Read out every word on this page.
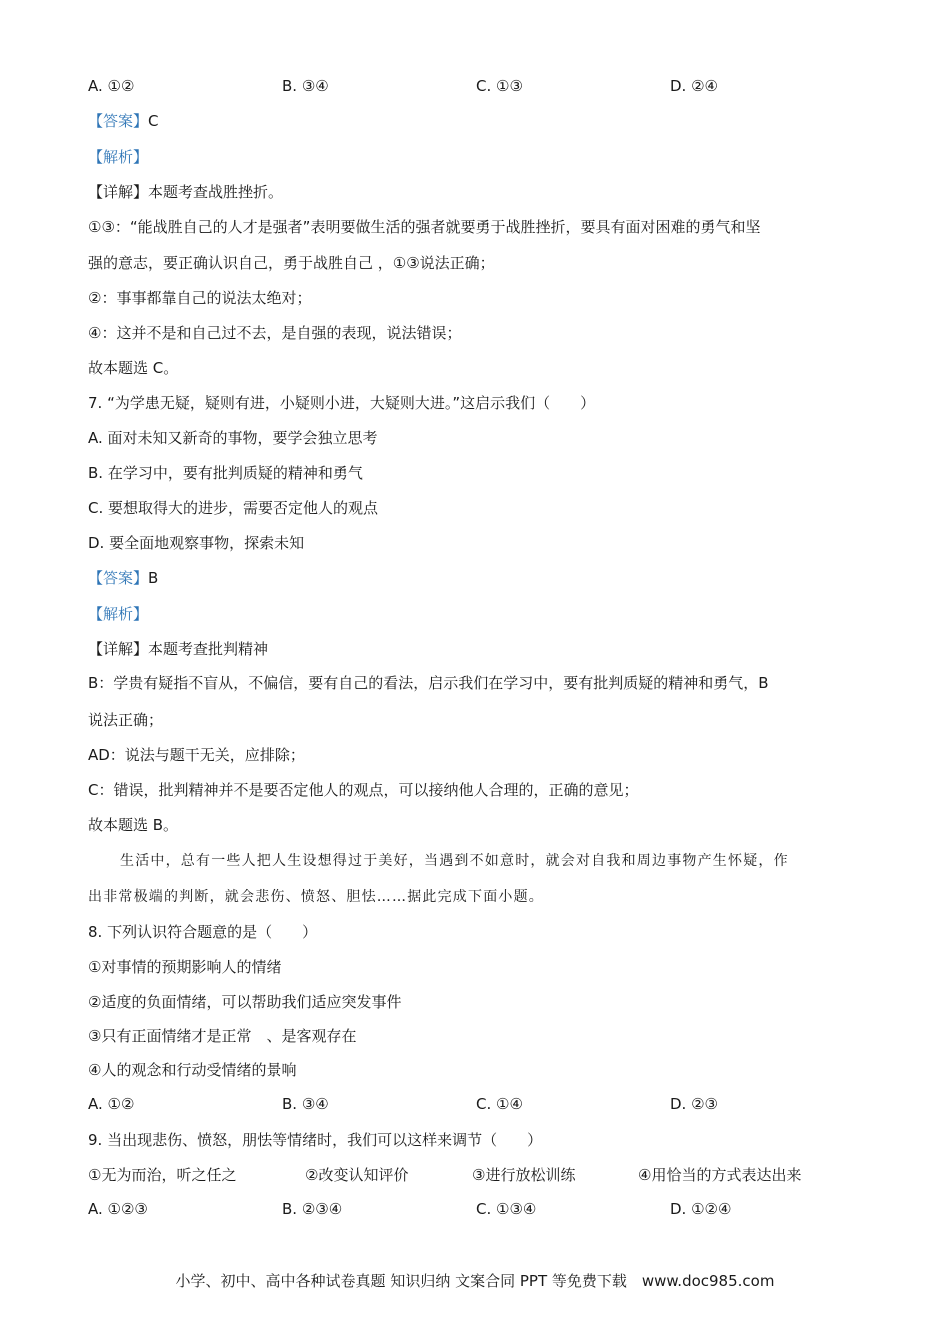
A. ①②	B. ③④	C. ①③	D. ②④
【答案】C
【解析】
【详解】本题考查战胜挫折。
①③：“能战胜自己的人才是强者”表明要做生活的强者就要勇于战胜挫折，要具有面对困难的勇气和坚
强的意志，要正确认识自己，勇于战胜自己 ，①③说法正确；
②：事事都靠自己的说法太绝对；
④：这并不是和自己过不去，是自强的表现，说法错误；
故本题选 C。
7. “为学患无疑，疑则有进，小疑则小进，大疑则大进。”这启示我们（　　）
A. 面对未知又新奇的事物，要学会独立思考
B. 在学习中，要有批判质疑的精神和勇气
C. 要想取得大的进步，需要否定他人的观点
D. 要全面地观察事物，探索未知
【答案】B
【解析】
【详解】本题考查批判精神
B：学贵有疑指不盲从，不偏信，要有自己的看法，启示我们在学习中，要有批判质疑的精神和勇气，B
说法正确；
AD：说法与题干无关，应排除；
C：错误，批判精神并不是要否定他人的观点，可以接纳他人合理的，正确的意见；
故本题选 B。
生活中，总有一些人把人生设想得过于美好，当遇到不如意时，就会对自我和周边事物产生怀疑，作
出非常极端的判断，就会悲伤、愤怒、胆怯……据此完成下面小题。
8. 下列认识符合题意的是（　　）
①对事情的预期影响人的情绪
②适度的负面情绪，可以帮助我们适应突发事件
③只有正面情绪才是正常　、是客观存在
④人的观念和行动受情绪的景响
A. ①②	B. ③④	C. ①④	D. ②③
9. 当出现悲伤、愤怒，朋怯等情绪时，我们可以这样来调节（　　）
①无为而治，听之任之	②改变认知评价	③进行放松训练	④用恰当的方式表达出来
A. ①②③	B. ②③④	C. ①③④	D. ①②④
小学、初中、高中各种试卷真题 知识归纳 文案合同 PPT 等免费下载　www.doc985.com
